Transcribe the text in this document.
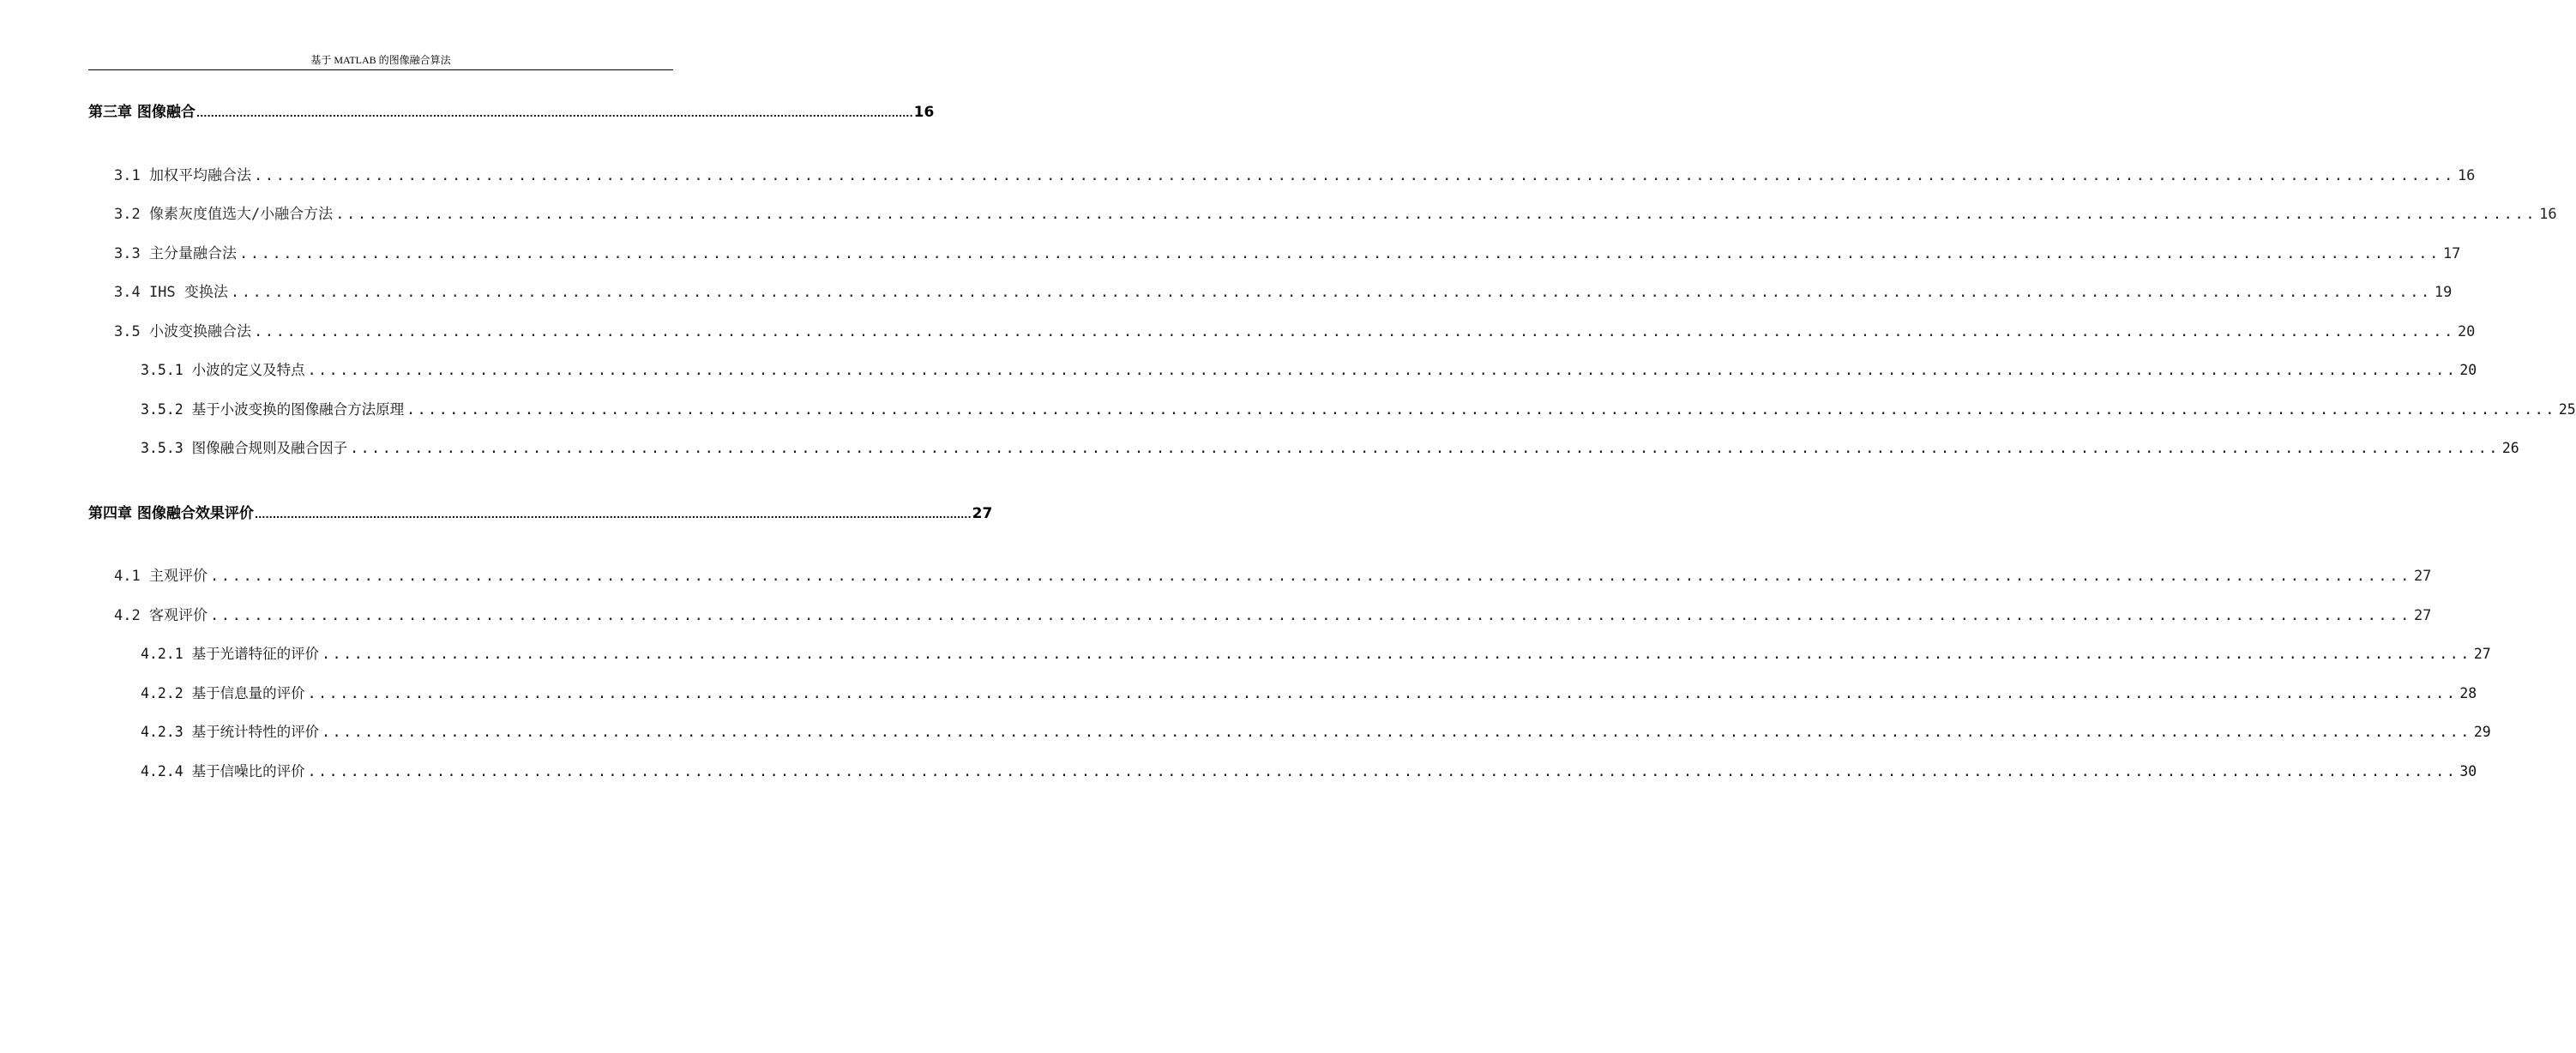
基于 MATLAB 的图像融合算法
第三章 图像融合 ........................................................................................................................................................................................................ 16
3.1 加权平均融合法 ........................................................................................................................................................................................................ 16
3.2 像素灰度值选大/小融合方法 ........................................................................................................................................................................................................ 16
3.3 主分量融合法 ........................................................................................................................................................................................................ 17
3.4 IHS 变换法 ........................................................................................................................................................................................................ 19
3.5 小波变换融合法 ........................................................................................................................................................................................................ 20
3.5.1 小波的定义及特点 ........................................................................................................................................................................................................ 20
3.5.2 基于小波变换的图像融合方法原理 ........................................................................................................................................................................................................ 25
3.5.3 图像融合规则及融合因子 ........................................................................................................................................................................................................ 26
第四章 图像融合效果评价 ........................................................................................................................................................................................................ 27
4.1 主观评价 ........................................................................................................................................................................................................ 27
4.2 客观评价 ........................................................................................................................................................................................................ 27
4.2.1 基于光谱特征的评价 ........................................................................................................................................................................................................ 27
4.2.2 基于信息量的评价 ........................................................................................................................................................................................................ 28
4.2.3 基于统计特性的评价 ........................................................................................................................................................................................................ 29
4.2.4 基于信噪比的评价 ........................................................................................................................................................................................................ 30
